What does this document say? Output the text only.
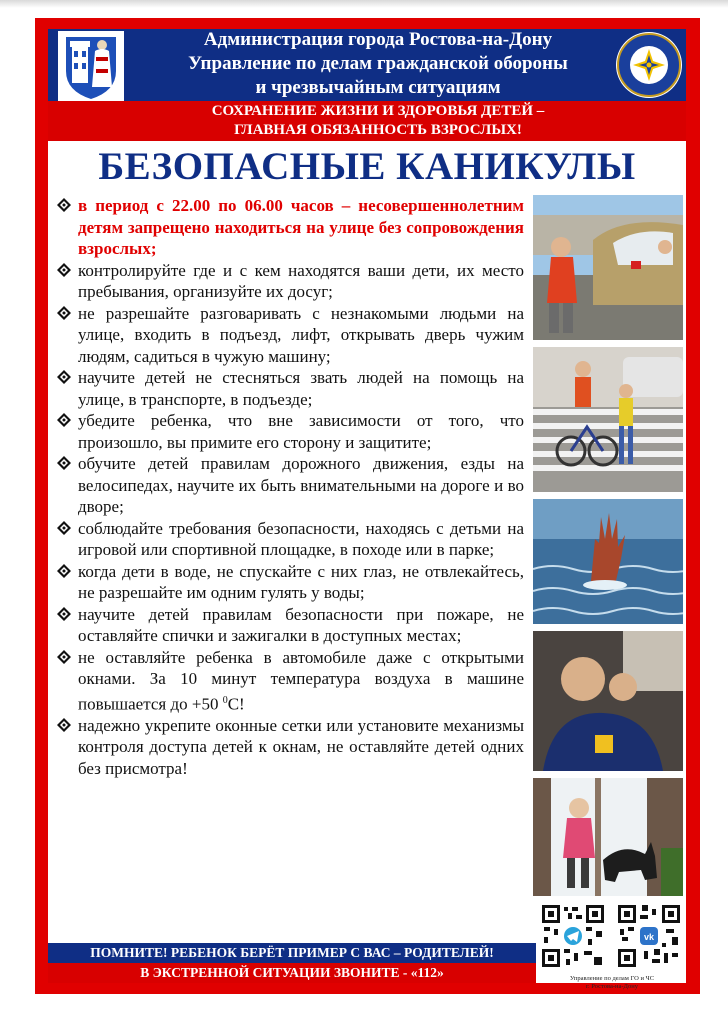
Администрация города Ростова-на-Дону
Управление по делам гражданской обороны
и чрезвычайным ситуациям
СОХРАНЕНИЕ ЖИЗНИ И ЗДОРОВЬЯ ДЕТЕЙ –
ГЛАВНАЯ ОБЯЗАННОСТЬ ВЗРОСЛЫХ!
БЕЗОПАСНЫЕ КАНИКУЛЫ
в период с 22.00 по 06.00 часов – несовершеннолетним детям запрещено находиться на улице без сопровождения взрослых;
контролируйте где и с кем находятся ваши дети, их место пребывания, организуйте их досуг;
не разрешайте разговаривать с незнакомыми людьми на улице, входить в подъезд, лифт, открывать дверь чужим людям, садиться в чужую машину;
научите детей не стесняться звать людей на помощь на улице, в транспорте, в подъезде;
убедите ребенка, что вне зависимости от того, что произошло, вы примите его сторону и защитите;
обучите детей правилам дорожного движения, езды на велосипедах, научите их быть внимательными на дороге и во дворе;
соблюдайте требования безопасности, находясь с детьми на игровой или спортивной площадке, в походе или в парке;
когда дети в воде, не спускайте с них глаз, не отвлекайтесь, не разрешайте им одним гулять у воды;
научите детей правилам безопасности при пожаре, не оставляйте спички и зажигалки в доступных местах;
не оставляйте ребенка в автомобиле даже с открытыми окнами. За 10 минут температура воздуха в машине повышается до +50 $^0$С!
надежно укрепите оконные сетки или установите механизмы контроля доступа детей к окнам, не оставляйте детей одних без присмотра!
ПОМНИТЕ! РЕБЕНОК БЕРЁТ ПРИМЕР С ВАС – РОДИТЕЛЕЙ!
В ЭКСТРЕННОЙ СИТУАЦИИ ЗВОНИТЕ - «112»
vk
Управление по делам ГО и ЧС
г. Ростова-на-Дону
